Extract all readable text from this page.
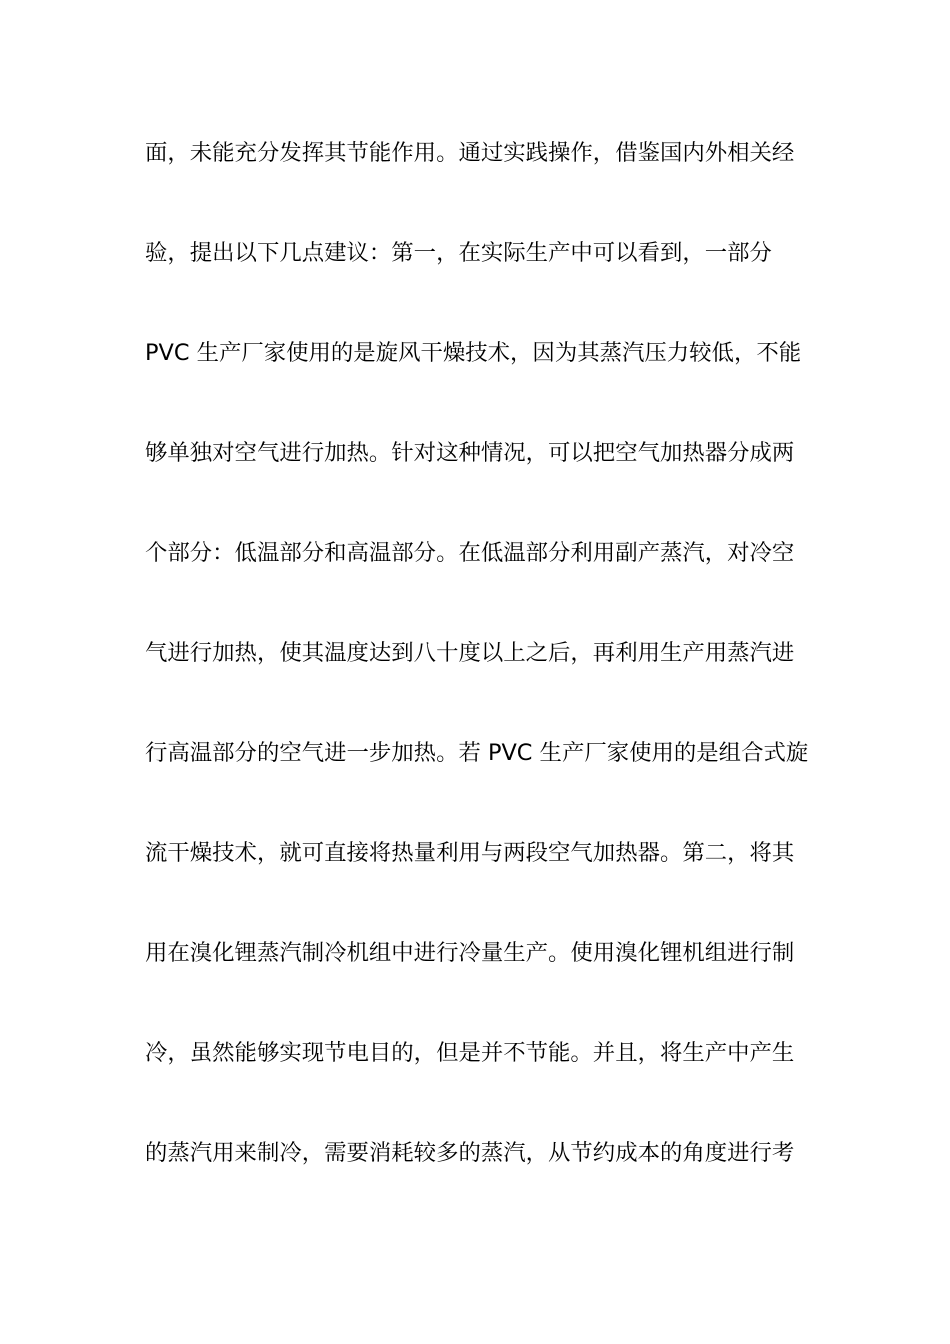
面，未能充分发挥其节能作用。通过实践操作，借鉴国内外相关经
验，提出以下几点建议：第一，在实际生产中可以看到，一部分
PVC 生产厂家使用的是旋风干燥技术，因为其蒸汽压力较低，不能
够单独对空气进行加热。针对这种情况，可以把空气加热器分成两
个部分：低温部分和高温部分。在低温部分利用副产蒸汽，对冷空
气进行加热，使其温度达到八十度以上之后，再利用生产用蒸汽进
行高温部分的空气进一步加热。若 PVC 生产厂家使用的是组合式旋
流干燥技术，就可直接将热量利用与两段空气加热器。第二，将其
用在溴化锂蒸汽制冷机组中进行冷量生产。使用溴化锂机组进行制
冷，虽然能够实现节电目的，但是并不节能。并且，将生产中产生
的蒸汽用来制冷，需要消耗较多的蒸汽，从节约成本的角度进行考
